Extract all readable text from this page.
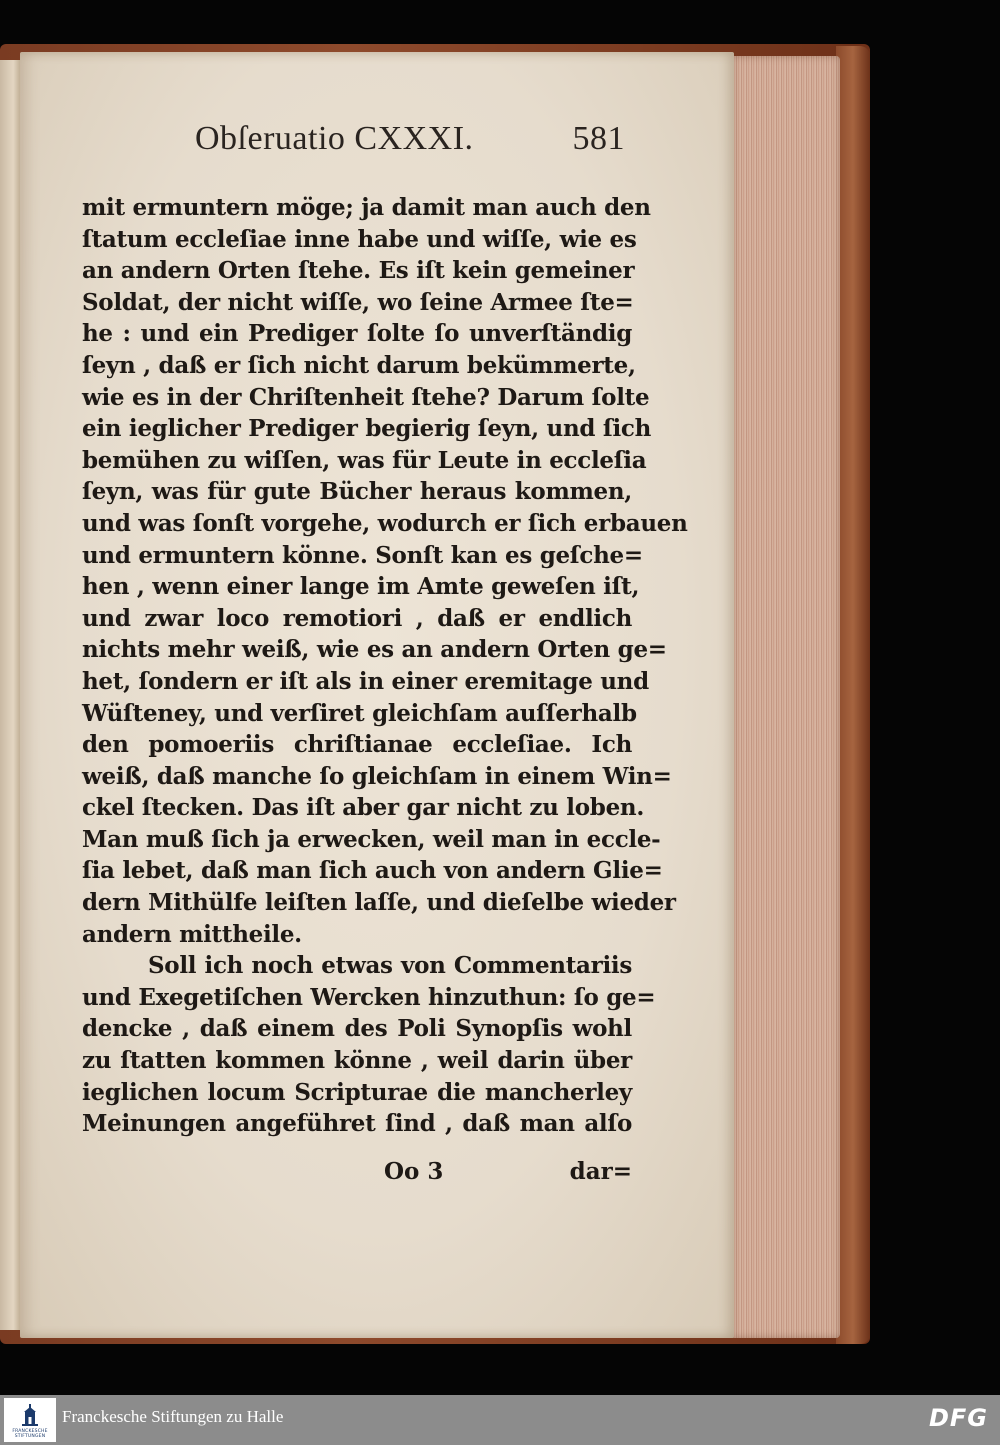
Obſeruatio CXXXI.	581
mit ermuntern möge; ja damit man auch den
ſtatum eccleſiae inne habe und wiſſe, wie es
an andern Orten ſtehe. Es iſt kein gemeiner
Soldat, der nicht wiſſe, wo ſeine Armee ſte=
he : und ein Prediger ſolte ſo unverſtändig
ſeyn , daß er ſich nicht darum bekümmerte,
wie es in der Chriſtenheit ſtehe? Darum ſolte
ein ieglicher Prediger begierig ſeyn, und ſich
bemühen zu wiſſen, was für Leute in eccleſia
ſeyn, was für gute Bücher heraus kommen,
und was ſonſt vorgehe, wodurch er ſich erbauen
und ermuntern könne. Sonſt kan es geſche=
hen , wenn einer lange im Amte geweſen iſt,
und zwar loco remotiori , daß er endlich
nichts mehr weiß, wie es an andern Orten ge=
het, ſondern er iſt als in einer eremitage und
Wüſteney, und verſiret gleichſam auſſerhalb
den pomoeriis chriſtianae eccleſiae. Ich
weiß, daß manche ſo gleichſam in einem Win=
ckel ſtecken. Das iſt aber gar nicht zu loben.
Man muß ſich ja erwecken, weil man in eccle-
ſia lebet, daß man ſich auch von andern Glie=
dern Mithülfe leiſten laſſe, und dieſelbe wieder
andern mittheile.
Soll ich noch etwas von Commentariis
und Exegetiſchen Wercken hinzuthun: ſo ge=
dencke , daß einem des Poli Synopſis wohl
zu ſtatten kommen könne , weil darin über
ieglichen locum Scripturae die mancherley
Meinungen angeführet ſind , daß man alſo
Oo 3	dar=
FRANCKESCHE STIFTUNGEN
Franckesche Stiftungen zu Halle	DFG
